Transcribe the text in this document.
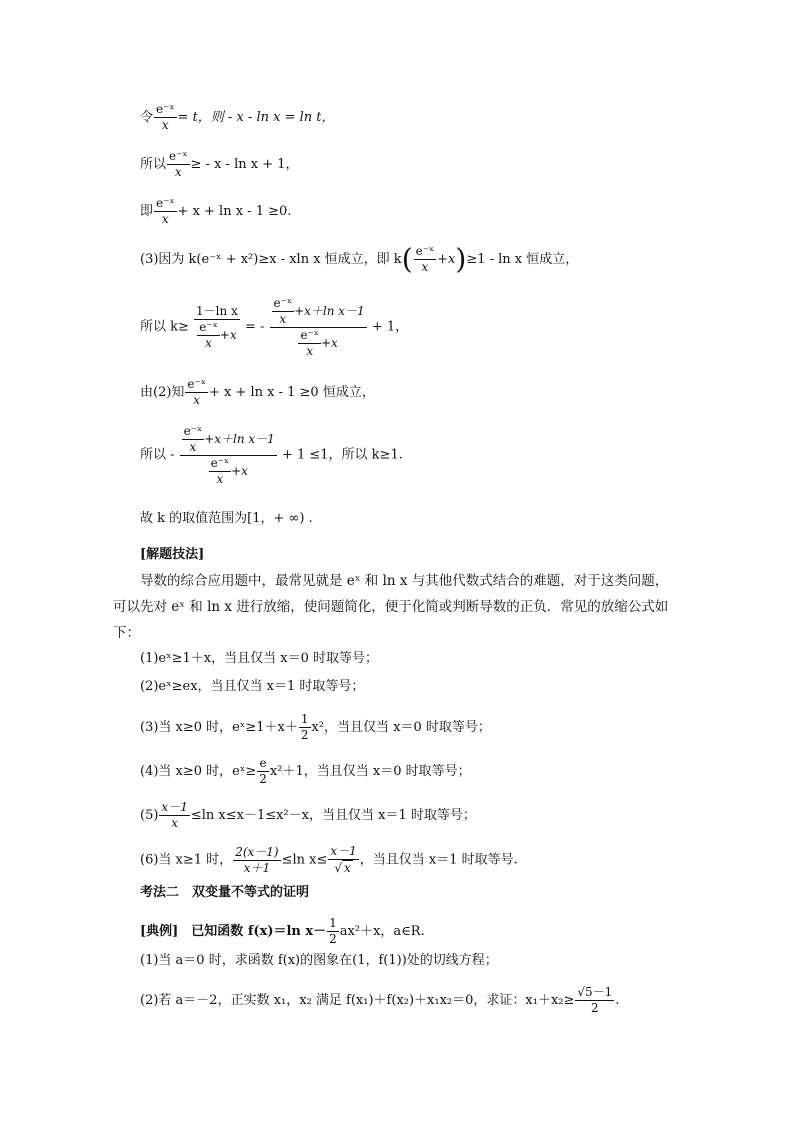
令 $\frac{\text{e⁻ˣ}}{x} = t$，则 - x - ln x = ln t，
所以 $\frac{\text{e⁻ˣ}}{x}$ ≥ - x - ln x + 1，
即 $\frac{\text{e⁻ˣ}}{x} + x + \ln x - 1 \ge 0$.
(3)因为 k(e⁻ˣ + x²)≥x - xln x 恒成立，即 $k( \frac{\text{e⁻ˣ}}{x} +x)\ge 1 - \ln x$ 恒成立，
所以 $k\ge \frac{\text{1－ln x}}{\frac{\text{e⁻ˣ}}{x} +x}$ = - $\frac{\frac{\text{e⁻ˣ}}{x} +x+\ln x-1}{\frac{\text{e⁻ˣ}}{x} +x} + 1$，
由(2)知 $\frac{\text{e⁻ˣ}}{x} + x + \ln x - 1 \ge 0$ 恒成立，
所以 - $\frac{\frac{\text{e⁻ˣ}}{x} +x+\ln x-1}{\frac{\text{e⁻ˣ}}{x} +x} + 1 \le 1$，所以 k≥1.
故 k 的取值范围为[1，+ ∞) .
[解题技法]
导数的综合应用题中，最常见就是 eˣ 和 ln x 与其他代数式结合的难题，对于这类问题，可以先对 eˣ 和 ln x 进行放缩，使问题简化，便于化简或判断导数的正负．常见的放缩公式如下：
(1)eˣ≥1＋x，当且仅当 x＝0 时取等号；
(2)eˣ≥ex，当且仅当 x＝1 时取等号；
(3)当 x≥0 时，eˣ≥1＋x＋ $\frac{1}{2} x^2$，当且仅当 x＝0 时取等号；
(4)当 x≥0 时，eˣ≥ $\frac{e}{2} x^2+1$，当且仅当 x＝0 时取等号；
$(5) \frac{x-1}{x} \le\ln$ x≤x－1≤x²－x，当且仅当 x＝1 时取等号；
(6)当 x≥1 时， $\frac{2(x-1)}{x+1} \le\ln$ $x\le \frac{x-1}{√ x}$ ，当且仅当 x＝1 时取等号.
考法二　双变量不等式的证明
[典例]　已知函数 f(x)＝ln $x- \frac{1}{2} ax^2+x$，a∈R.
(1)当 a＝0 时，求函数 f(x)的图象在(1，f(1))处的切线方程；
(2)若 a＝－2，正实数 x₁，x₂ 满足 f(x₁)＋f(x₂)＋x₁x₂＝0，求证：$x_1+x_2\ge \frac{√5-1}{2}$ .
